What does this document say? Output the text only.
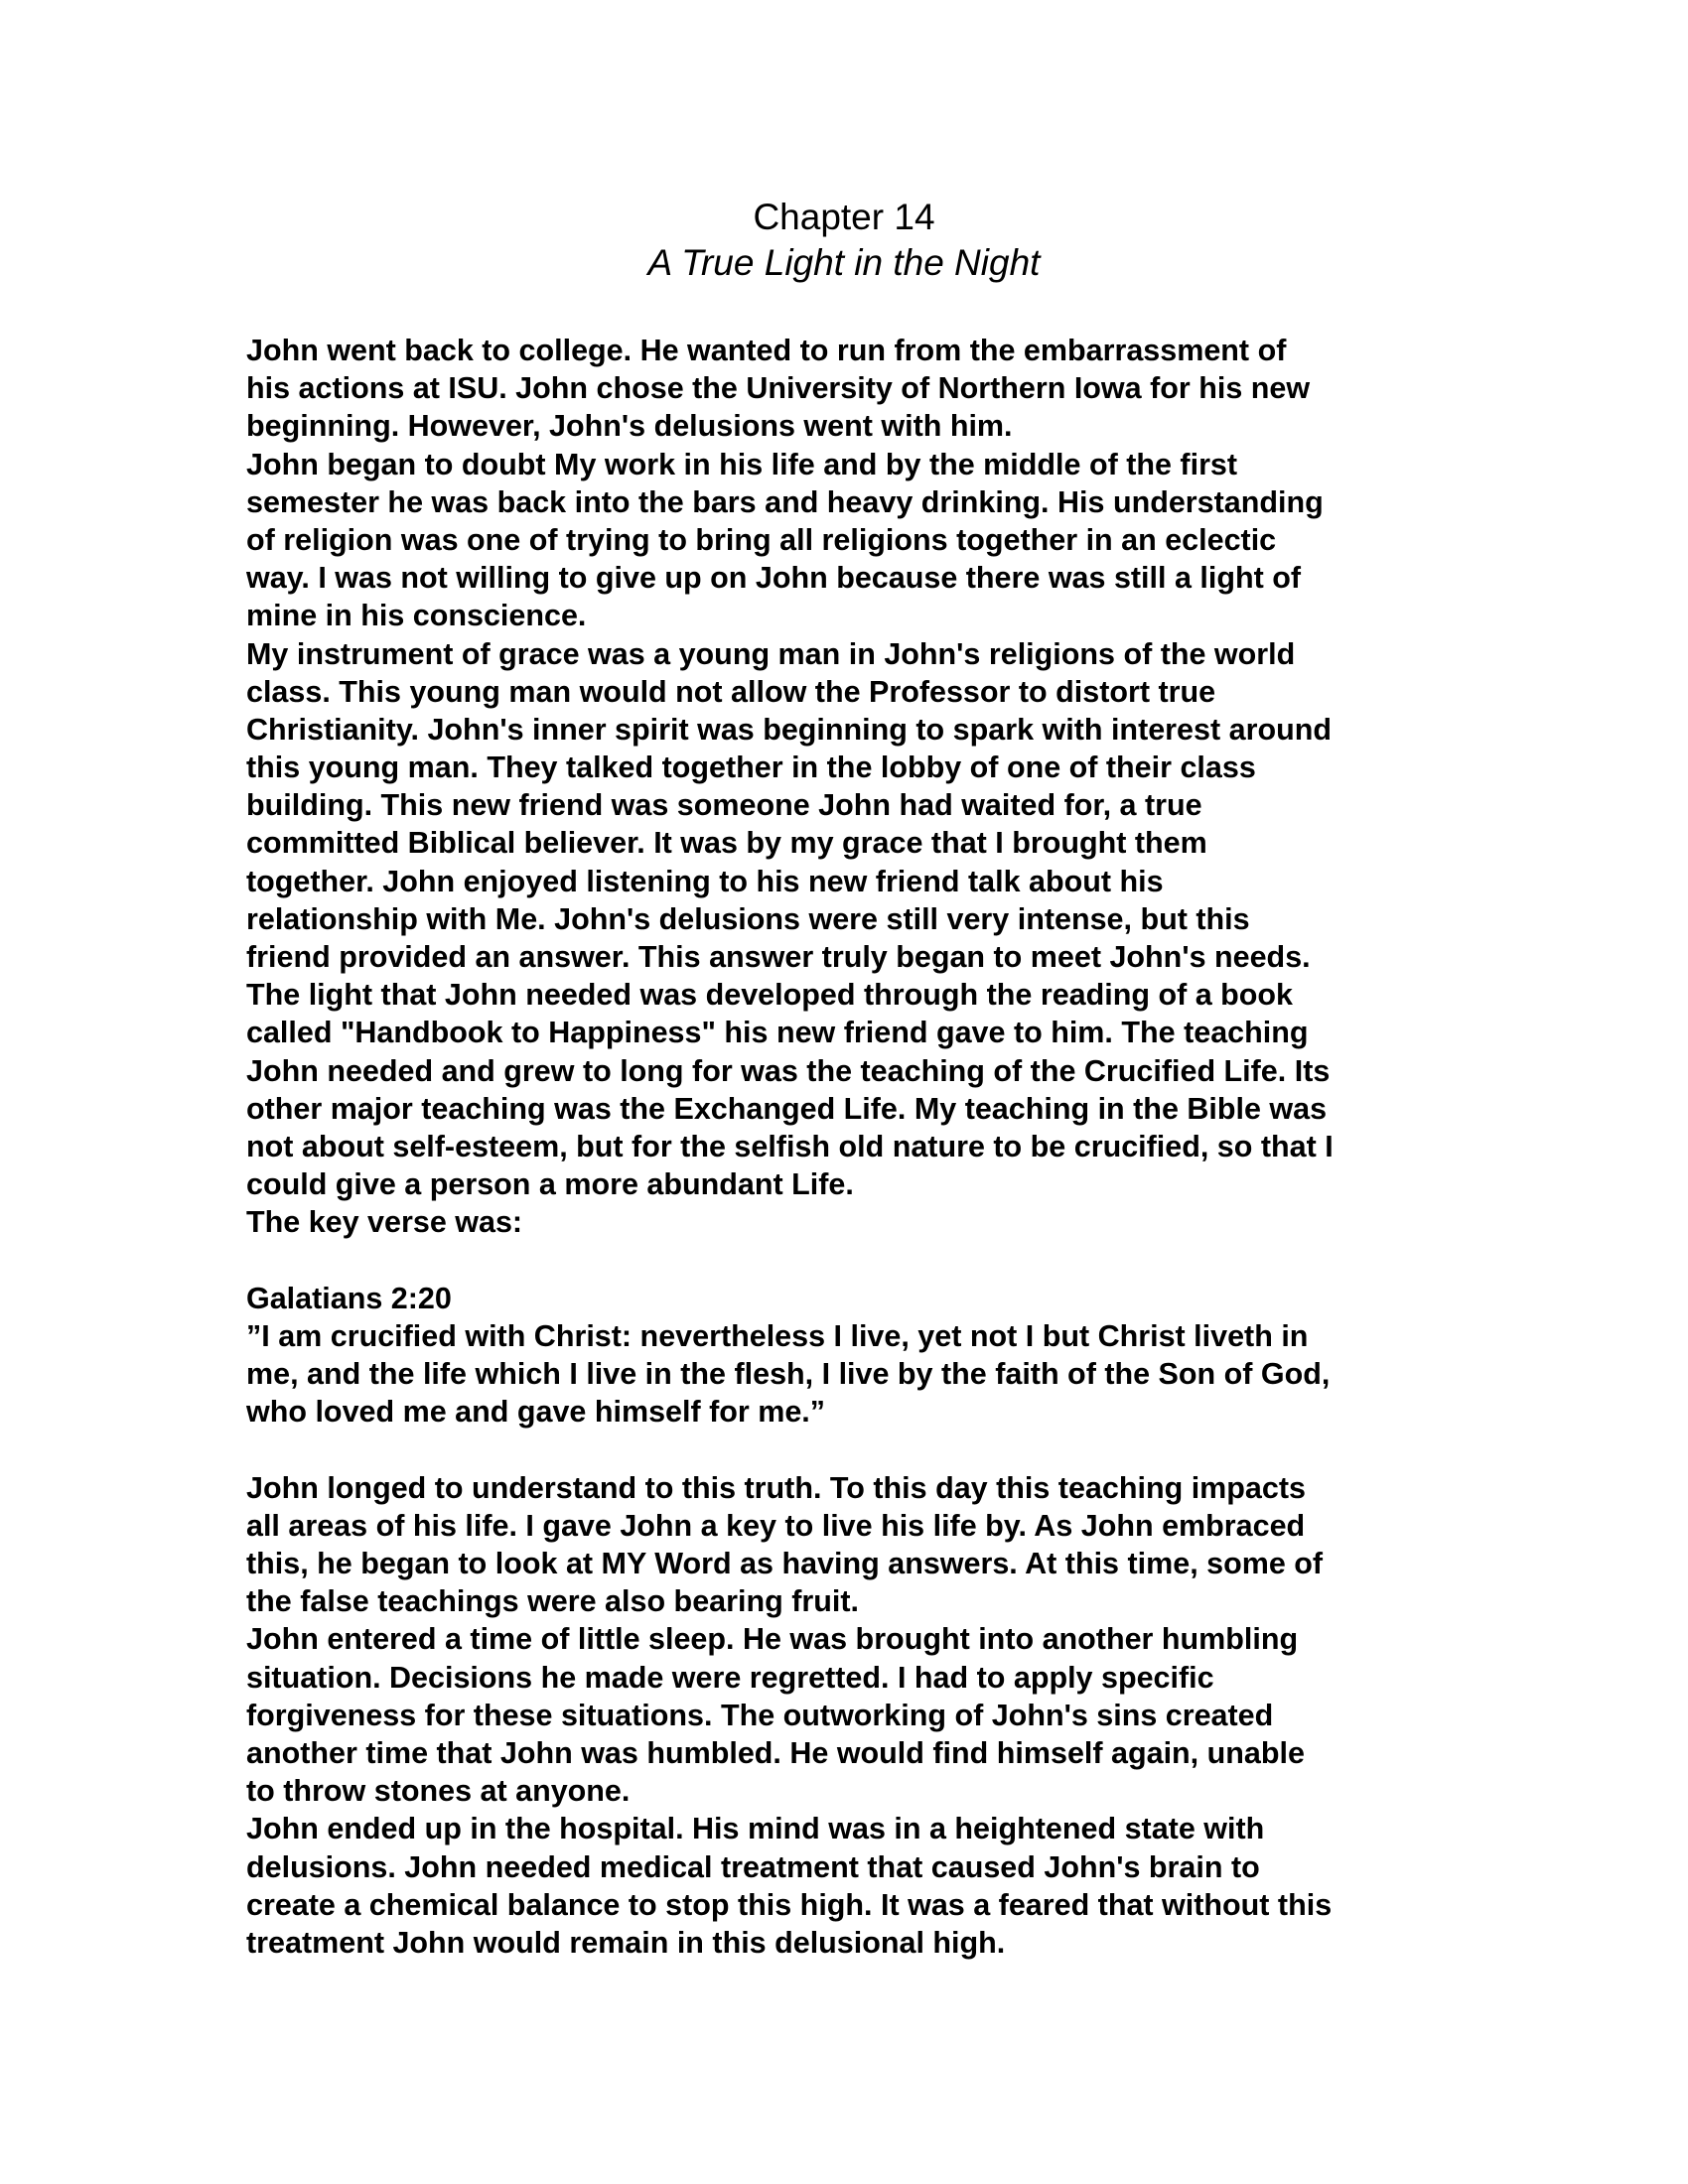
Chapter 14
A True Light in the Night
John went back to college. He wanted to run from the embarrassment of
his actions at ISU. John chose the University of Northern Iowa for his new
beginning. However, John's delusions went with him.
John began to doubt My work in his life and by the middle of the first
semester he was back into the bars and heavy drinking. His understanding
of religion was one of trying to bring all religions together in an eclectic
way. I was not willing to give up on John because there was still a light of
mine in his conscience.
My instrument of grace was a young man in John's religions of the world
class. This young man would not allow the Professor to distort true
Christianity. John's inner spirit was beginning to spark with interest around
this young man. They talked together in the lobby of one of their class
building. This new friend was someone John had waited for, a true
committed Biblical believer. It was by my grace that I brought them
together. John enjoyed listening to his new friend talk about his
relationship with Me. John's delusions were still very intense, but this
friend provided an answer. This answer truly began to meet John's needs.
The light that John needed was developed through the reading of a book
called "Handbook to Happiness" his new friend gave to him. The teaching
John needed and grew to long for was the teaching of the Crucified Life. Its
other major teaching was the Exchanged Life. My teaching in the Bible was
not about self-esteem, but for the selfish old nature to be crucified, so that I
could give a person a more abundant Life.
The key verse was:
Galatians 2:20
”I am crucified with Christ: nevertheless I live, yet not I but Christ liveth in
me, and the life which I live in the flesh, I live by the faith of the Son of God,
who loved me and gave himself for me.”
John longed to understand to this truth. To this day this teaching impacts
all areas of his life. I gave John a key to live his life by. As John embraced
this, he began to look at MY Word as having answers. At this time, some of
the false teachings were also bearing fruit.
John entered a time of little sleep. He was brought into another humbling
situation. Decisions he made were regretted. I had to apply specific
forgiveness for these situations. The outworking of John's sins created
another time that John was humbled. He would find himself again, unable
to throw stones at anyone.
John ended up in the hospital. His mind was in a heightened state with
delusions. John needed medical treatment that caused John's brain to
create a chemical balance to stop this high. It was a feared that without this
treatment John would remain in this delusional high.
